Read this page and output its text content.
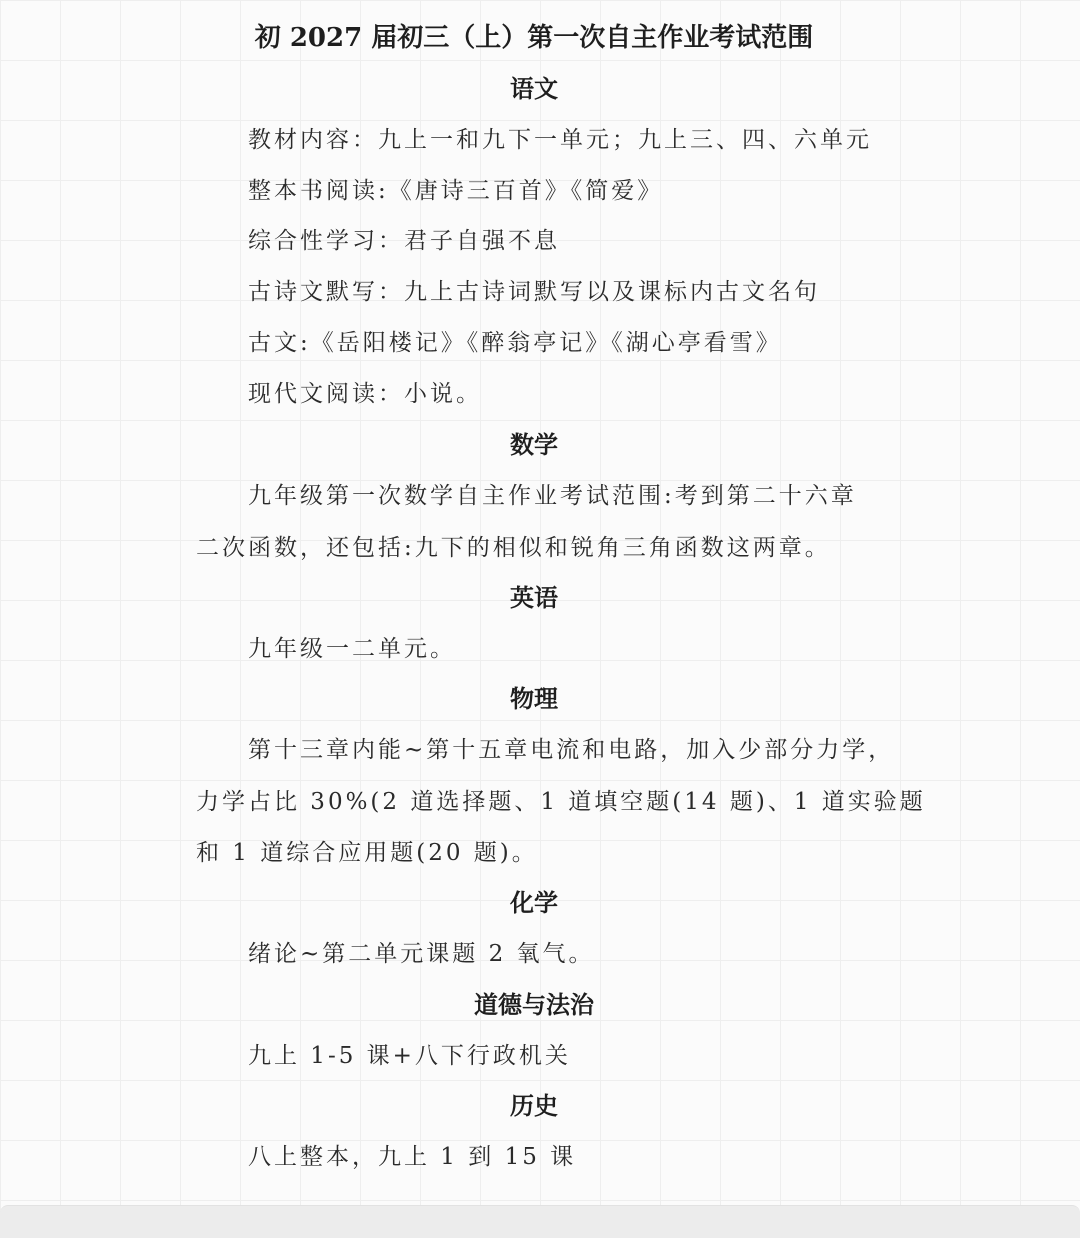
初 2027 届初三（上）第一次自主作业考试范围
语文
教材内容：九上一和九下一单元；九上三、四、六单元
整本书阅读:《唐诗三百首》《简爱》
综合性学习：君子自强不息
古诗文默写：九上古诗词默写以及课标内古文名句
古文:《岳阳楼记》《醉翁亭记》《湖心亭看雪》
现代文阅读：小说。
数学
九年级第一次数学自主作业考试范围:考到第二十六章
二次函数，还包括:九下的相似和锐角三角函数这两章。
英语
九年级一二单元。
物理
第十三章内能~第十五章电流和电路，加入少部分力学，
力学占比 30%(2 道选择题、1 道填空题(14 题)、1 道实验题
和 1 道综合应用题(20 题)。
化学
绪论~第二单元课题 2 氧气。
道德与法治
九上 1-5 课+八下行政机关
历史
八上整本，九上 1 到 15 课
